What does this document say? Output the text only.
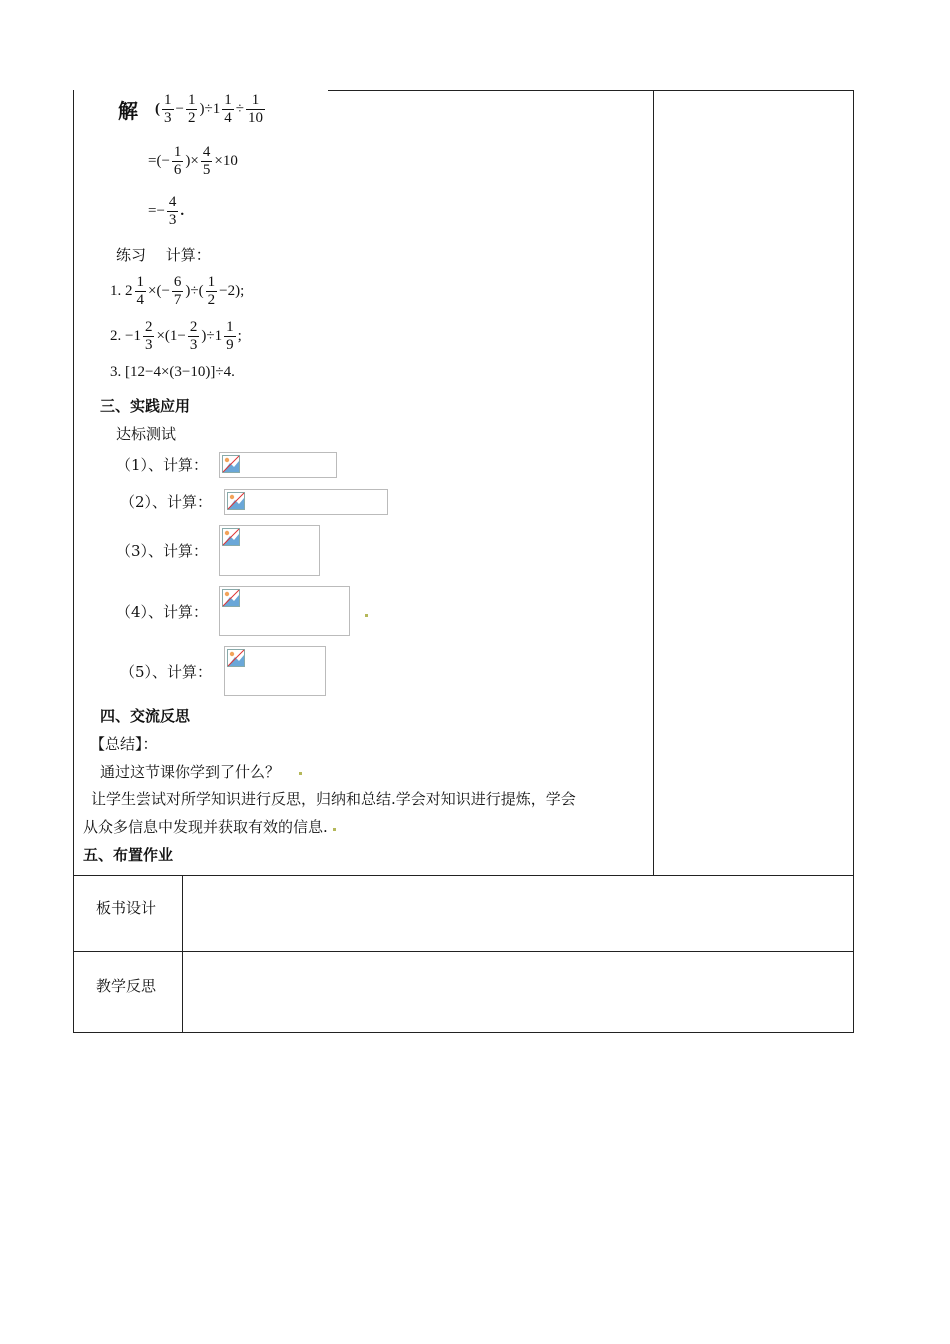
解 ( $\frac{1}{3} - \frac{1}{2} )\div 1 \frac{1}{4} \div \frac{1}{10}$
=(− $\frac{1}{6}$ )× $\frac{4}{5} \times 10$
=− $\frac{4}{3}$ .
练习　 计算：
1. $2 \frac{1}{4}$ ×(− $\frac{6}{7}$ )÷( $\frac{1}{2} -2$);
2. $-1 \frac{2}{3} \times(1- \frac{2}{3} )\div 1 \frac{1}{9}$ ;
3. [12−4×(3−10)]÷4.
三、实践应用
达标测试
（1）、计算：
（2）、计算：
（3）、计算：
（4）、计算：
（5）、计算：
四、交流反思
【总结】：
通过这节课你学到了什么？
让学生尝试对所学知识进行反思，归纳和总结.学会对知识进行提炼，学会
从众多信息中发现并获取有效的信息.
五、布置作业
板书设计
教学反思
